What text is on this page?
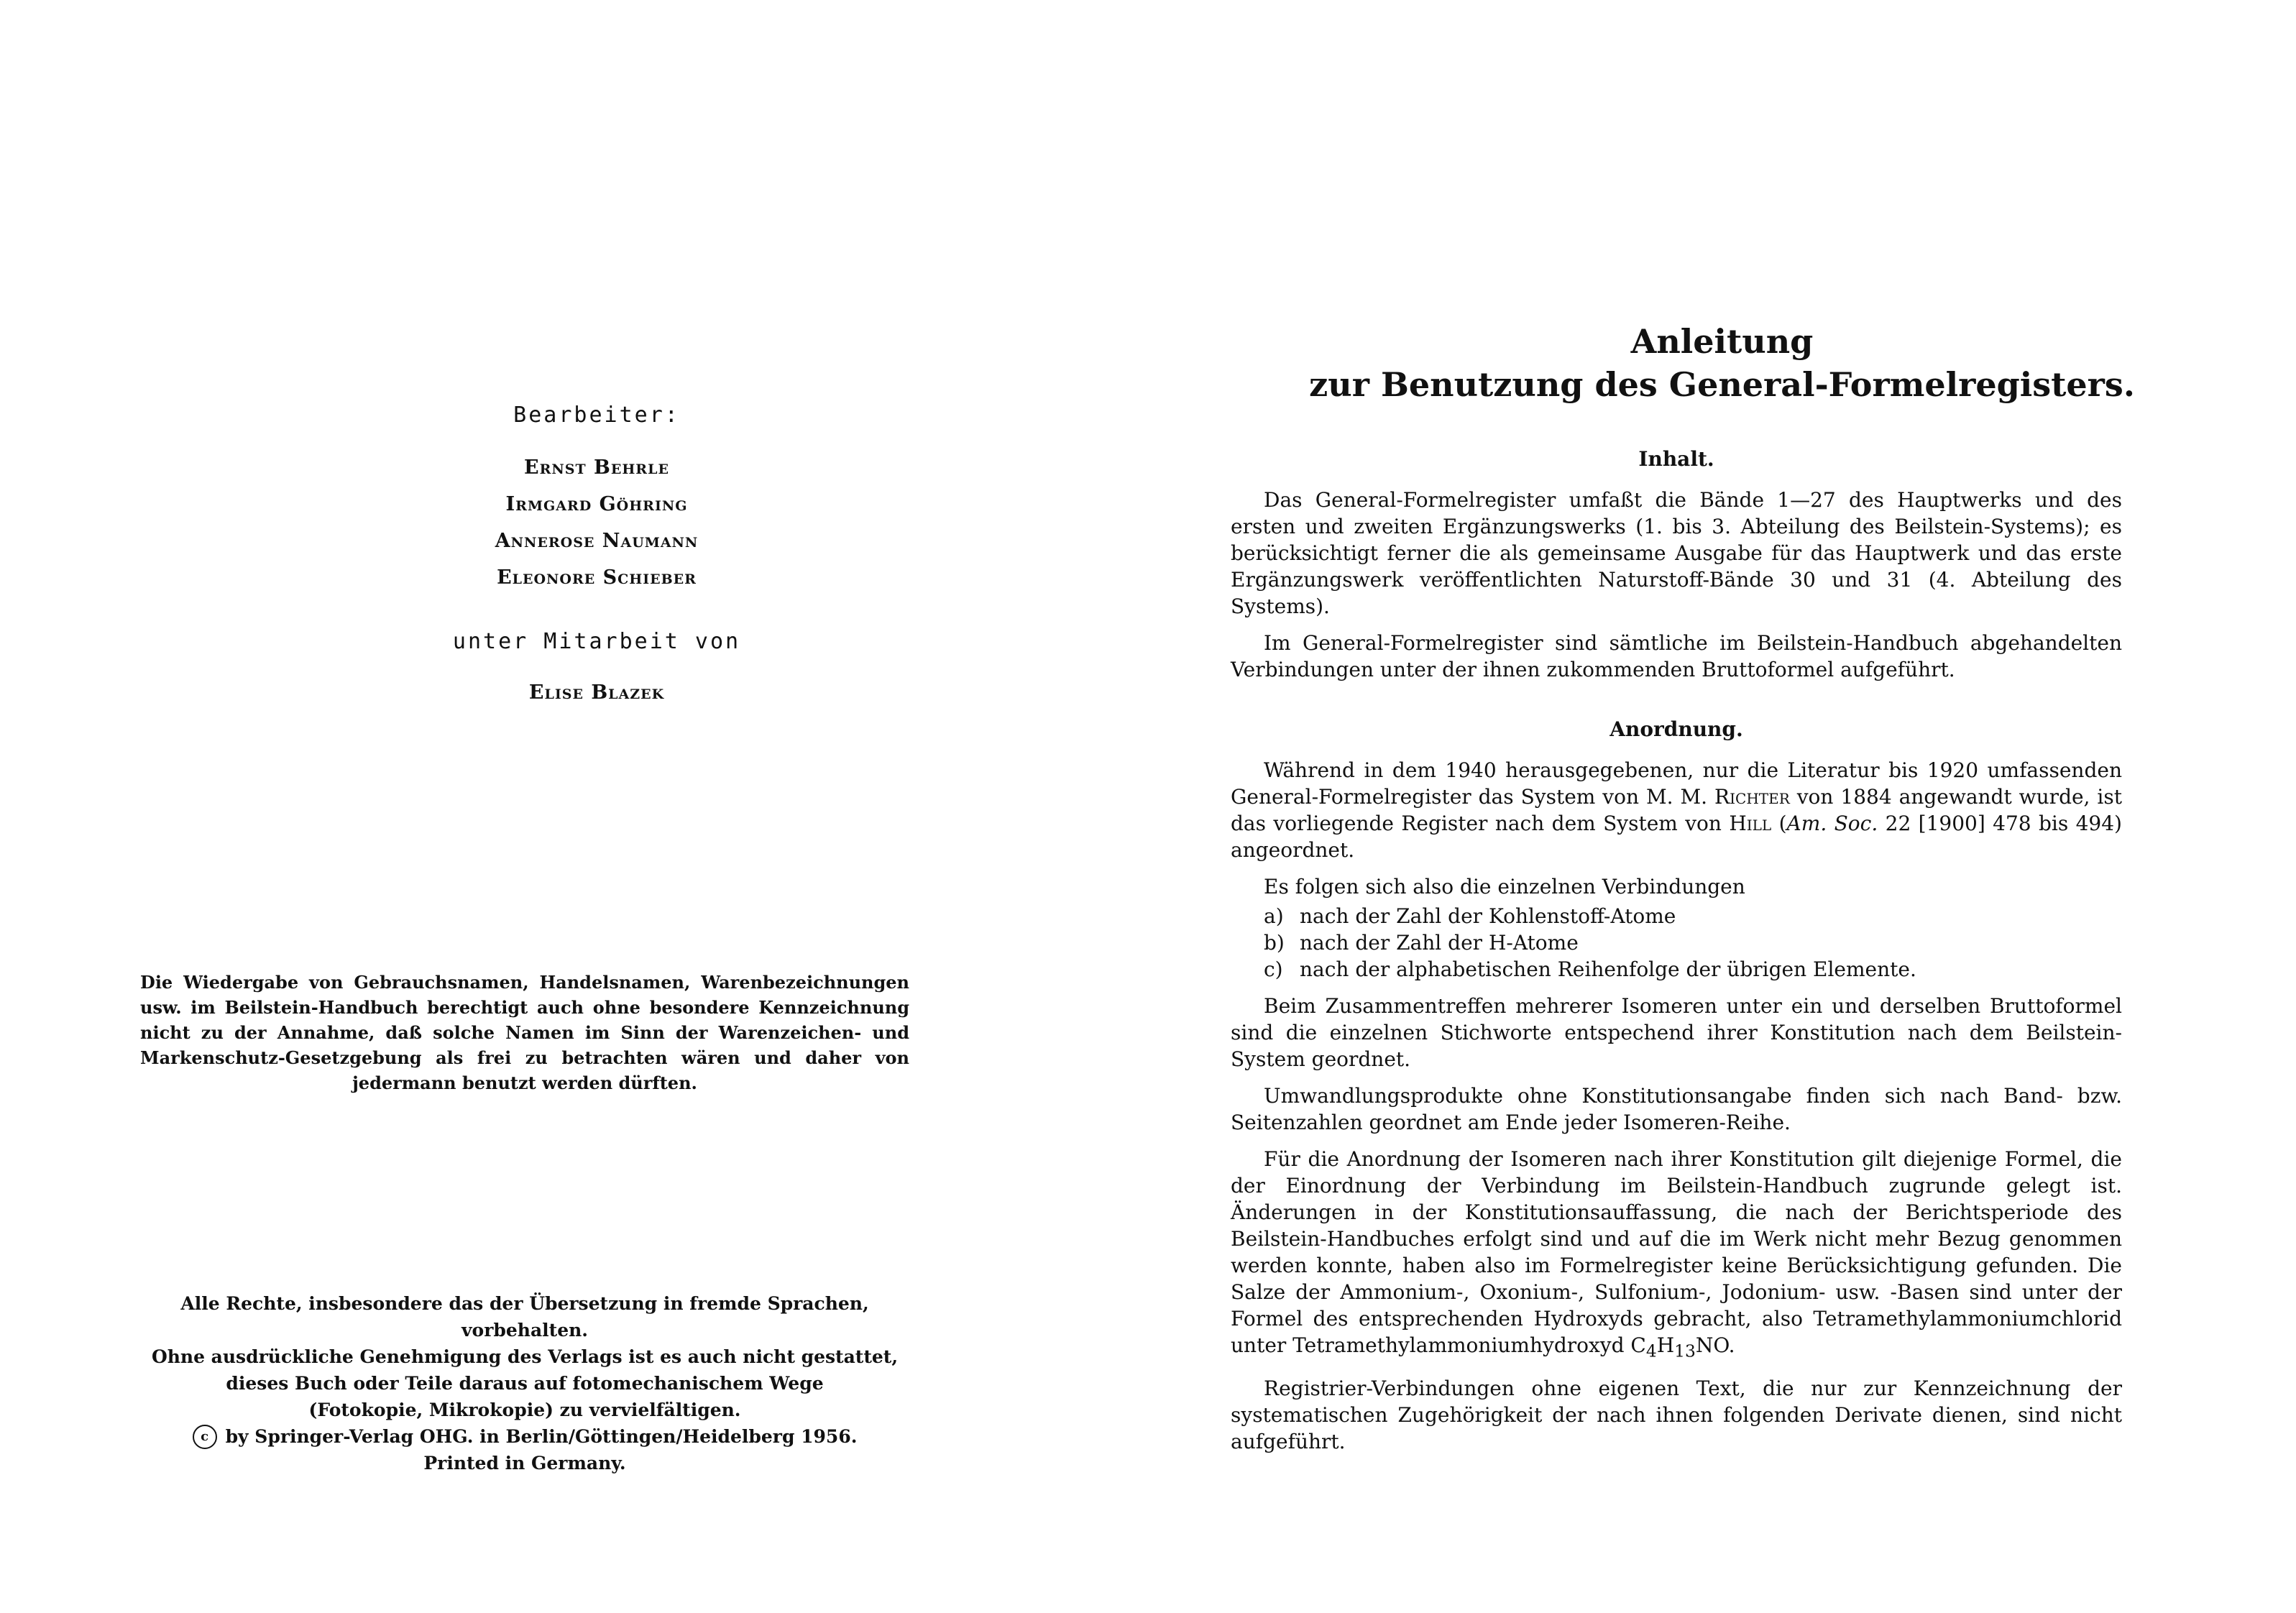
Bearbeiter:
Ernst Behrle
Irmgard Göhring
Annerose Naumann
Eleonore Schieber
unter Mitarbeit von
Elise Blazek

Die Wiedergabe von Gebrauchsnamen, Handelsnamen, Warenbezeichnungen usw. im Beilstein-Handbuch berechtigt auch ohne besondere Kennzeichnung nicht zu der Annahme, daß solche Namen im Sinn der Warenzeichen- und Markenschutz-Gesetzgebung als frei zu betrachten wären und daher von jedermann benutzt werden dürften.

Alle Rechte, insbesondere das der Übersetzung in fremde Sprachen, vorbehalten.
Ohne ausdrückliche Genehmigung des Verlags ist es auch nicht gestattet,
dieses Buch oder Teile daraus auf fotomechanischem Wege
(Fotokopie, Mikrokopie) zu vervielfältigen.
c by Springer-Verlag OHG. in Berlin/Göttingen/Heidelberg 1956.
Printed in Germany.
Anleitung
zur Benutzung des General-Formelregisters.
Inhalt.

Das General-Formelregister umfaßt die Bände 1—27 des Hauptwerks und des ersten und zweiten Ergänzungswerks (1. bis 3. Abteilung des Beilstein-Systems); es berücksichtigt ferner die als gemeinsame Ausgabe für das Hauptwerk und das erste Ergänzungswerk veröffentlichten Naturstoff-Bände 30 und 31 (4. Abteilung des Systems).

Im General-Formelregister sind sämtliche im Beilstein-Handbuch abgehandelten Verbindungen unter der ihnen zukommenden Bruttoformel aufgeführt.

Anordnung.

Während in dem 1940 herausgegebenen, nur die Literatur bis 1920 umfassenden General-Formelregister das System von M. M. Richter von 1884 angewandt wurde, ist das vorliegende Register nach dem System von Hill (Am. Soc. 22 [1900] 478 bis 494) angeordnet.

Es folgen sich also die einzelnen Verbindungen

a) nach der Zahl der Kohlenstoff-Atome
b) nach der Zahl der H-Atome
c) nach der alphabetischen Reihenfolge der übrigen Elemente.

Beim Zusammentreffen mehrerer Isomeren unter ein und derselben Bruttoformel sind die einzelnen Stichworte entspechend ihrer Konstitution nach dem Beilstein-System geordnet.

Umwandlungsprodukte ohne Konstitutionsangabe finden sich nach Band- bzw. Seitenzahlen geordnet am Ende jeder Isomeren-Reihe.

Für die Anordnung der Isomeren nach ihrer Konstitution gilt diejenige Formel, die der Einordnung der Verbindung im Beilstein-Handbuch zugrunde gelegt ist. Änderungen in der Konstitutionsauffassung, die nach der Berichtsperiode des Beilstein-Handbuches erfolgt sind und auf die im Werk nicht mehr Bezug genommen werden konnte, haben also im Formelregister keine Berücksichtigung gefunden. Die Salze der Ammonium-, Oxonium-, Sulfonium-, Jodonium- usw. -Basen sind unter der Formel des entsprechenden Hydroxyds gebracht, also Tetramethylammoniumchlorid unter Tetramethylammoniumhydroxyd $C_4H_{13}NO$.

Registrier-Verbindungen ohne eigenen Text, die nur zur Kennzeichnung der systematischen Zugehörigkeit der nach ihnen folgenden Derivate dienen, sind nicht aufgeführt.
